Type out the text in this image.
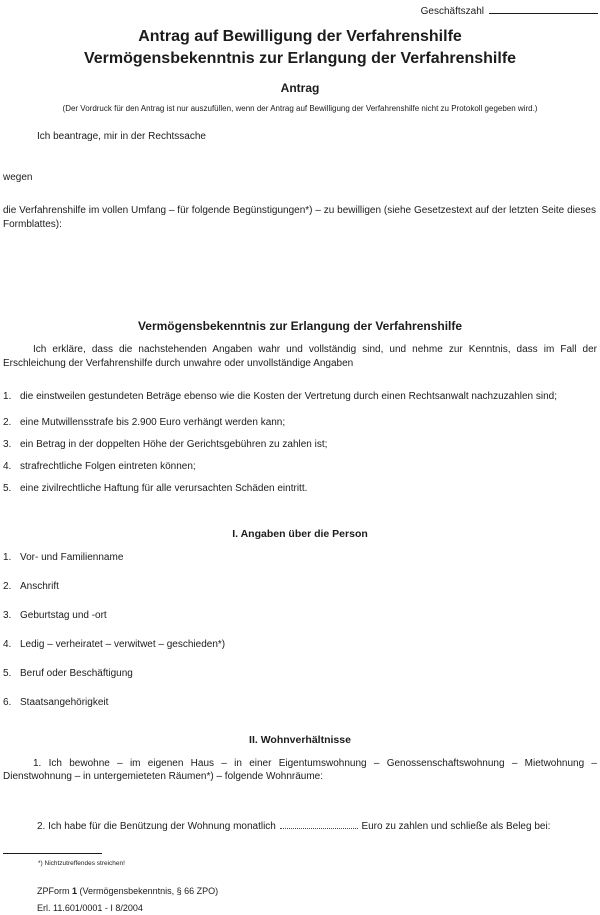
Geschäftszahl
Antrag auf Bewilligung der Verfahrenshilfe
Vermögensbekenntnis zur Erlangung der Verfahrenshilfe
Antrag
(Der Vordruck für den Antrag ist nur auszufüllen, wenn der Antrag auf Bewilligung der Verfahrenshilfe nicht zu Protokoll gegeben wird.)

Ich beantrage, mir in der Rechtssache

wegen

die Verfahrenshilfe im vollen Umfang – für folgende Begünstigungen*) – zu bewilligen (siehe Gesetzestext auf der letzten Seite dieses Formblattes):

Vermögensbekenntnis zur Erlangung der Verfahrenshilfe

Ich erkläre, dass die nachstehenden Angaben wahr und vollständig sind, und nehme zur Kenntnis, dass im Fall der Erschleichung der Verfahrenshilfe durch unwahre oder unvollständige Angaben

1. die einstweilen gestundeten Beträge ebenso wie die Kosten der Vertretung durch einen Rechtsanwalt nachzuzahlen sind;
2. eine Mutwillensstrafe bis 2.900 Euro verhängt werden kann;
3. ein Betrag in der doppelten Höhe der Gerichtsgebühren zu zahlen ist;
4. strafrechtliche Folgen eintreten können;
5. eine zivilrechtliche Haftung für alle verursachten Schäden eintritt.
I. Angaben über die Person
1. Vor- und Familienname
2. Anschrift
3. Geburtstag und -ort
4. Ledig – verheiratet – verwitwet – geschieden*)
5. Beruf oder Beschäftigung
6. Staatsangehörigkeit
II. Wohnverhältnisse

1. Ich bewohne – im eigenen Haus – in einer Eigentumswohnung – Genossenschaftswohnung – Mietwohnung – Dienstwohnung – in untergemieteten Räumen*) – folgende Wohnräume:

2. Ich habe für die Benützung der Wohnung monatlich	Euro zu zahlen und schließe als Beleg bei:

*) Nichtzutreffendes streichen!
ZPForm 1 (Vermögensbekenntnis, § 66 ZPO)
Erl. 11.601/0001 - I 8/2004
